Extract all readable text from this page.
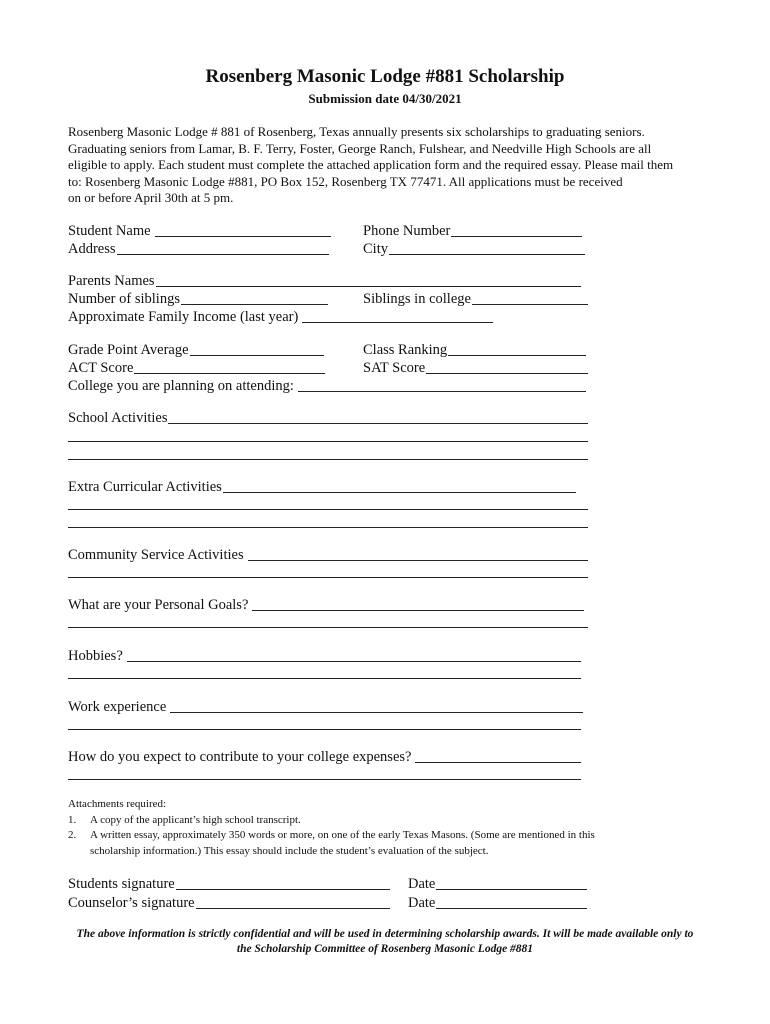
Rosenberg Masonic Lodge #881 Scholarship
Submission date 04/30/2021
Rosenberg Masonic Lodge # 881 of Rosenberg, Texas annually presents six scholarships to graduating seniors.
Graduating seniors from Lamar, B. F. Terry, Foster, George Ranch, Fulshear, and Needville High Schools are all
eligible to apply. Each student must complete the attached application form and the required essay. Please mail them
to: Rosenberg Masonic Lodge #881, PO Box 152, Rosenberg TX 77471. All applications must be received
on or before April 30th at 5 pm.
Student Name	Phone Number
Address	City
Parents Names
Number of siblings	Siblings in college
Approximate Family Income (last year)
Grade Point Average	Class Ranking
ACT Score	SAT Score
College you are planning on attending:
School Activities
Extra Curricular Activities
Community Service Activities
What are your Personal Goals?
Hobbies?
Work experience
How do you expect to contribute to your college expenses?
Attachments required:
1.	A copy of the applicant’s high school transcript.
2.	A written essay, approximately 350 words or more, on one of the early Texas Masons. (Some are mentioned in this
scholarship information.) This essay should include the student’s evaluation of the subject.
Students signature	Date
Counselor’s signature	Date
The above information is strictly confidential and will be used in determining scholarship awards. It will be made available only to
the Scholarship Committee of Rosenberg Masonic Lodge #881
